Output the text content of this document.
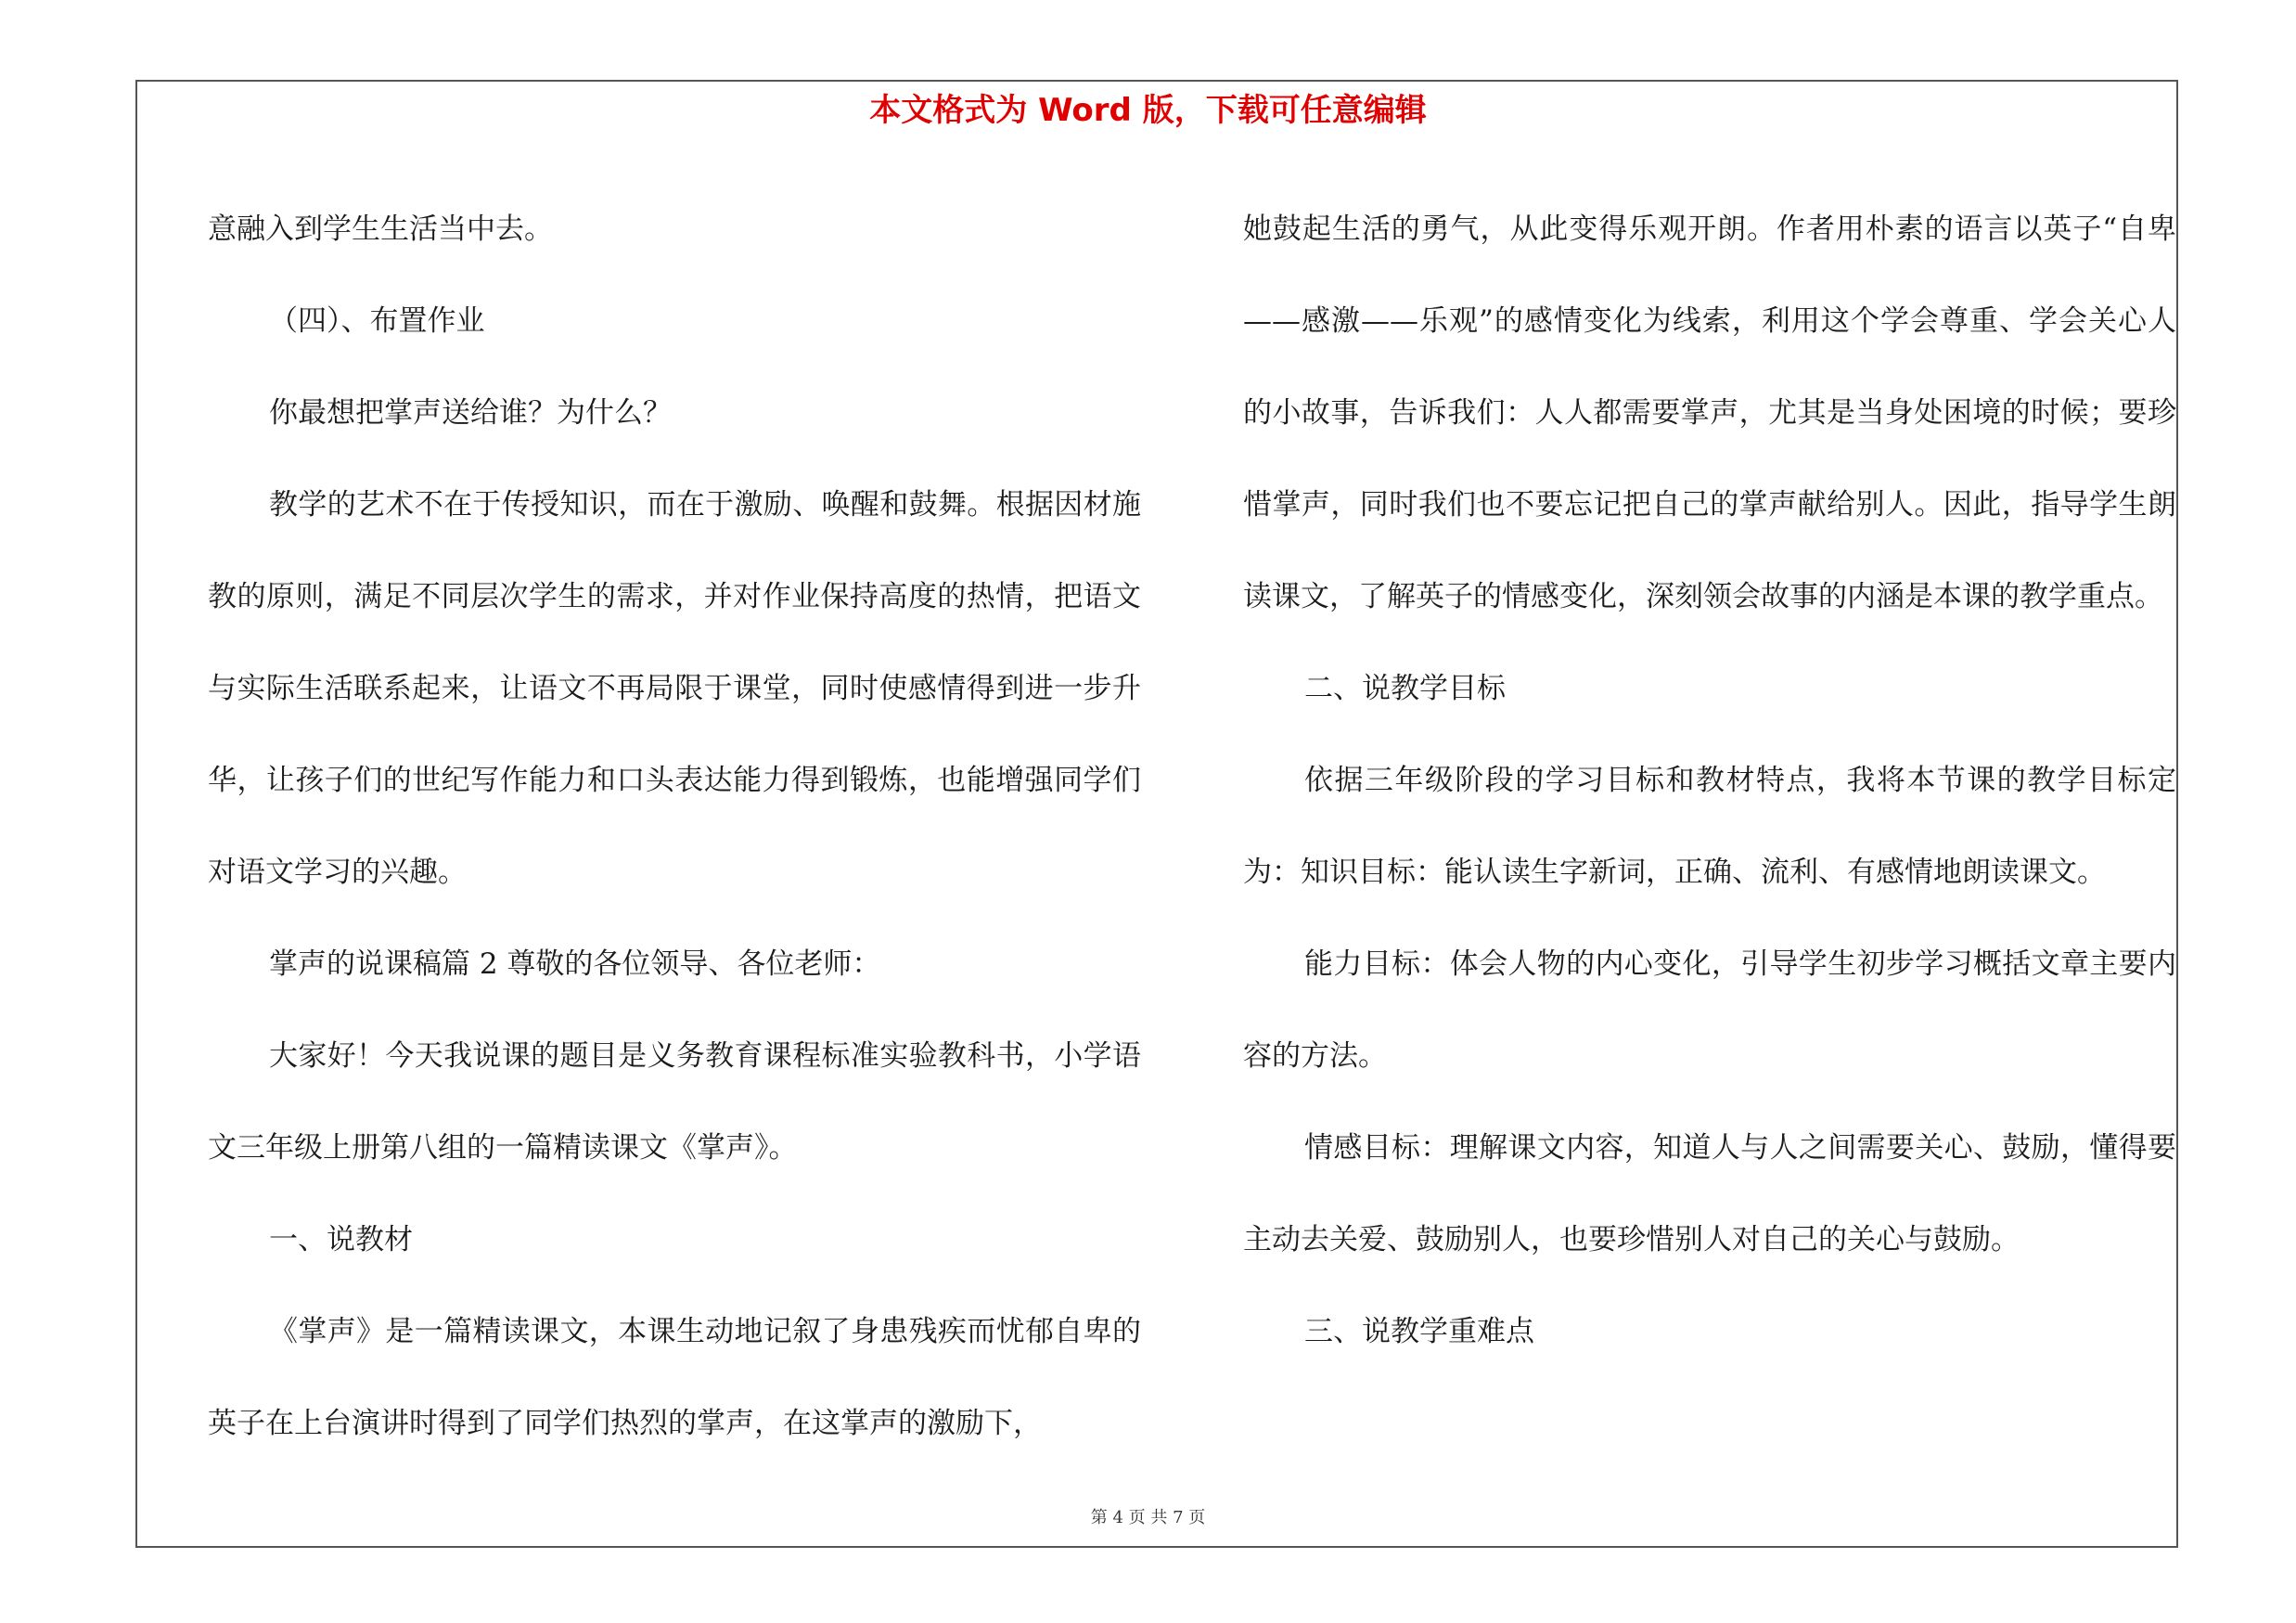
本文格式为 Word 版，下载可任意编辑

意融入到学生生活当中去。

（四）、布置作业

你最想把掌声送给谁？为什么？

教学的艺术不在于传授知识，而在于激励、唤醒和鼓舞。根据因材施教的原则，满足不同层次学生的需求，并对作业保持高度的热情，把语文与实际生活联系起来，让语文不再局限于课堂，同时使感情得到进一步升华，让孩子们的世纪写作能力和口头表达能力得到锻炼，也能增强同学们对语文学习的兴趣。

掌声的说课稿篇 2 尊敬的各位领导、各位老师：

大家好！今天我说课的题目是义务教育课程标准实验教科书，小学语文三年级上册第八组的一篇精读课文《掌声》。

一、说教材

《掌声》是一篇精读课文，本课生动地记叙了身患残疾而忧郁自卑的英子在上台演讲时得到了同学们热烈的掌声，在这掌声的激励下，

她鼓起生活的勇气，从此变得乐观开朗。作者用朴素的语言以英子“自卑——感激——乐观”的感情变化为线索，利用这个学会尊重、学会关心人的小故事，告诉我们：人人都需要掌声，尤其是当身处困境的时候；要珍惜掌声，同时我们也不要忘记把自己的掌声献给别人。因此，指导学生朗读课文，了解英子的情感变化，深刻领会故事的内涵是本课的教学重点。

二、说教学目标

依据三年级阶段的学习目标和教材特点，我将本节课的教学目标定为：知识目标：能认读生字新词，正确、流利、有感情地朗读课文。

能力目标：体会人物的内心变化，引导学生初步学习概括文章主要内容的方法。

情感目标：理解课文内容，知道人与人之间需要关心、鼓励，懂得要主动去关爱、鼓励别人，也要珍惜别人对自己的关心与鼓励。

三、说教学重难点

第 4 页 共 7 页
